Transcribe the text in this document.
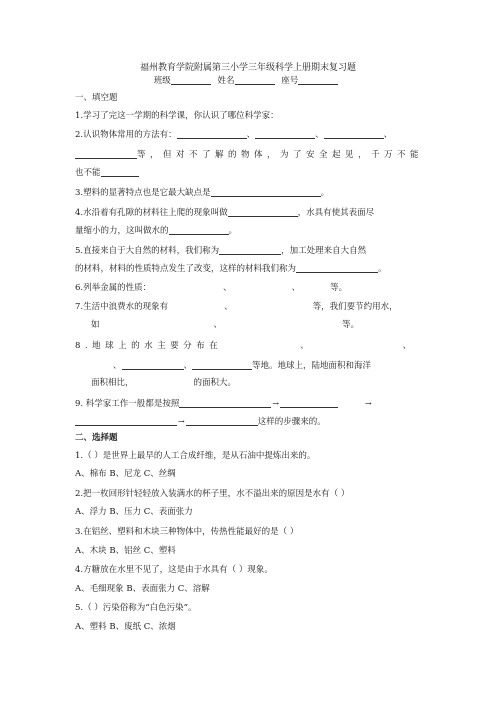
福州教育学院附属第三小学三年级科学上册期末复习题
班级	姓名	座号
一、填空题
1.学习了完这一学期的科学课，你认识了哪位科学家：
2.认识物体常用的方法有：	、	、	、
等，但对不了解的物体，为了安全起见，千万不能
也不能
3.塑料的显著特点也是它最大缺点是	。
4.水沿着有孔隙的材料往上爬的现象叫做	，水具有使其表面尽
量缩小的力，这叫做水的	。
5.直接来自于大自然的材料，我们称为	，加工处理来自大自然
的材料，材料的性质特点发生了改变，这样的材料我们称为	。
6.列举金属的性质：	、	、	等。
7.生活中浪费水的现象有	、	等，我们要节约用水，
如	、	等。
8.地球上的水主要分布在	、	、
、	、	等地。地球上，陆地面积和海洋
面积相比，	的面积大。
9. 科学家工作一般都是按照	→	→
→	这样的步骤来的。
二、选择题
1.（ ）是世界上最早的人工合成纤维，是从石油中提炼出来的。
A、棉布 B、尼龙 C、丝绸
2.把一枚回形针轻轻放入装满水的杯子里，水不溢出来的原因是水有（ ）
A、浮力 B、压力 C、表面张力
3.在铝丝、塑料和木块三种物体中，传热性能最好的是（ ）
A、木块 B、铝丝 C、塑料
4.方糖放在水里不见了，这是由于水具有（ ）现象。
A、毛细现象 B、表面张力 C、溶解
5.（ ）污染俗称为“白色污染”。
A、塑料 B、废纸 C、浓烟
